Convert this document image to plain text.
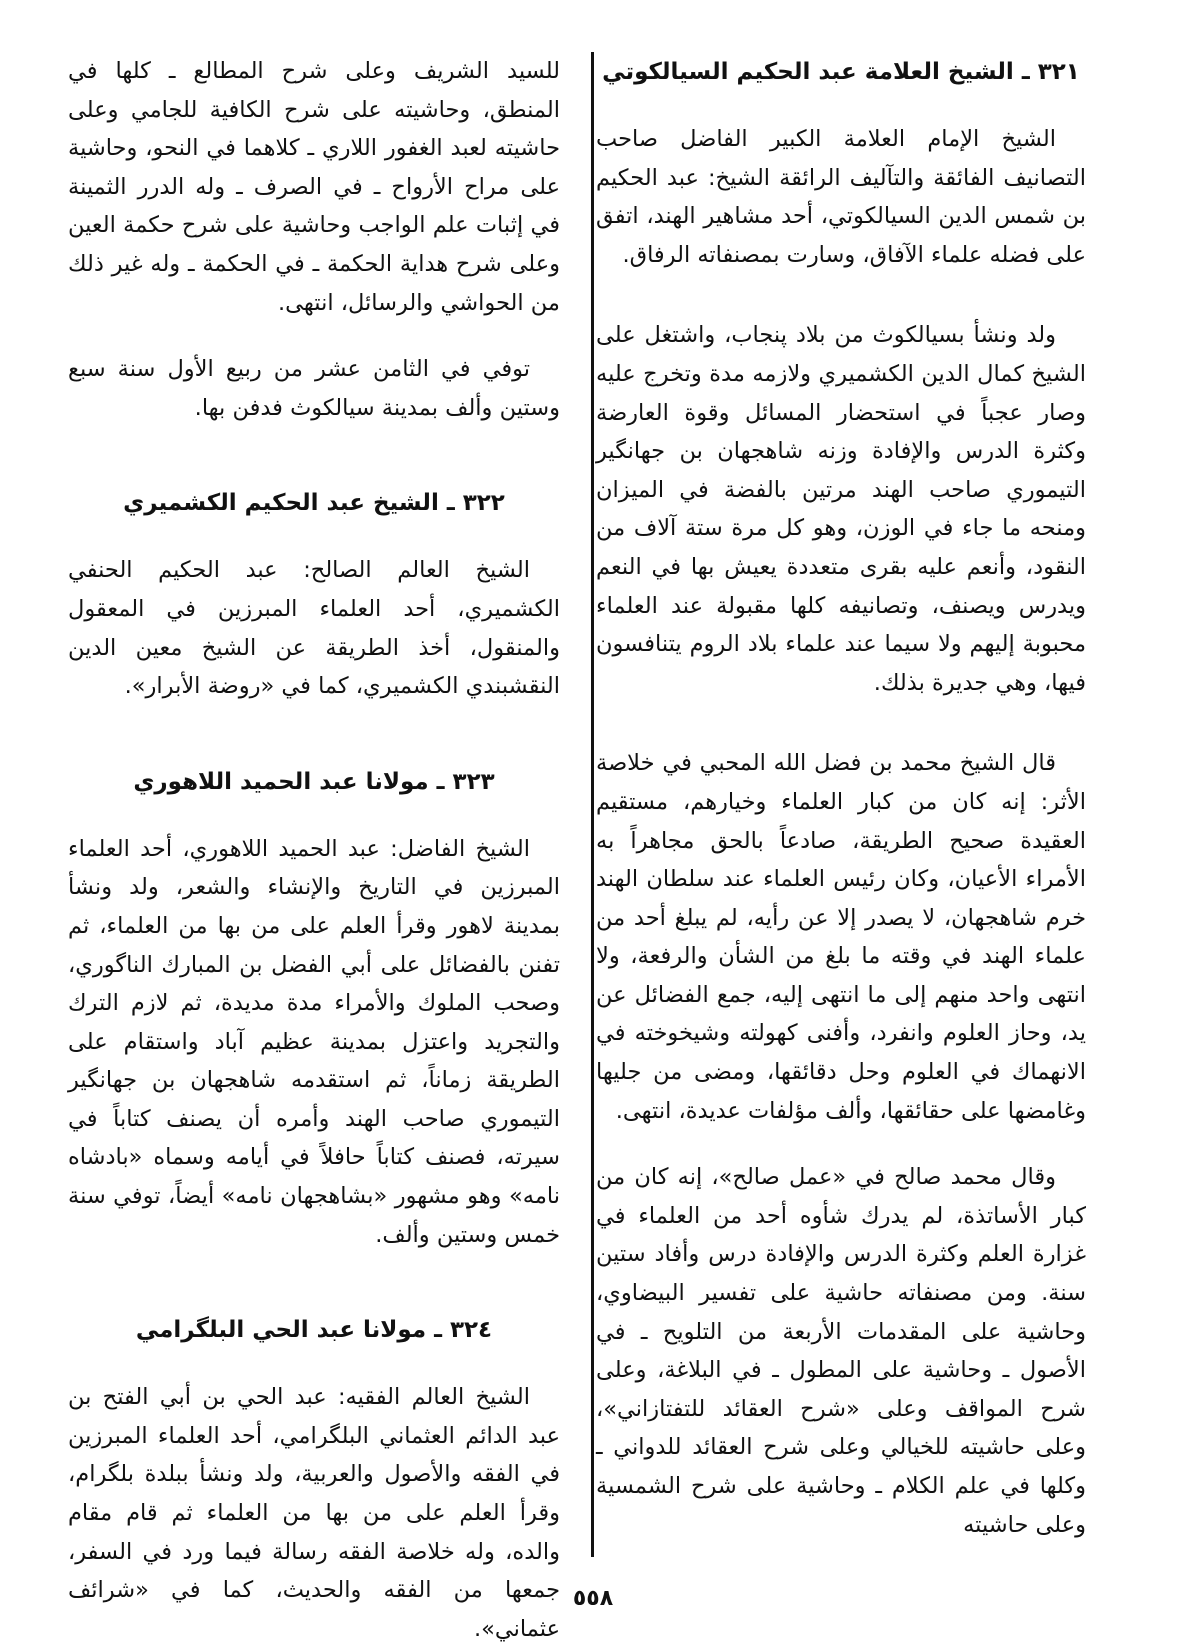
٣٢١ ـ الشيخ العلامة عبد الحكيم السيالكوتي

الشيخ الإمام العلامة الكبير الفاضل صاحب التصانيف الفائقة والتآليف الرائقة الشيخ: عبد الحكيم بن شمس الدين السيالكوتي، أحد مشاهير الهند، اتفق على فضله علماء الآفاق، وسارت بمصنفاته الرفاق.

ولد ونشأ بسيالكوث من بلاد پنجاب، واشتغل على الشيخ كمال الدين الكشميري ولازمه مدة وتخرج عليه وصار عجباً في استحضار المسائل وقوة العارضة وكثرة الدرس والإفادة وزنه شاهجهان بن جهانگير التيموري صاحب الهند مرتين بالفضة في الميزان ومنحه ما جاء في الوزن، وهو كل مرة ستة آلاف من النقود، وأنعم عليه بقرى متعددة يعيش بها في النعم ويدرس ويصنف، وتصانيفه كلها مقبولة عند العلماء محبوبة إليهم ولا سيما عند علماء بلاد الروم يتنافسون فيها، وهي جديرة بذلك.

قال الشيخ محمد بن فضل الله المحبي في خلاصة الأثر: إنه كان من كبار العلماء وخيارهم، مستقيم العقيدة صحيح الطريقة، صادعاً بالحق مجاهراً به الأمراء الأعيان، وكان رئيس العلماء عند سلطان الهند خرم شاهجهان، لا يصدر إلا عن رأيه، لم يبلغ أحد من علماء الهند في وقته ما بلغ من الشأن والرفعة، ولا انتهى واحد منهم إلى ما انتهى إليه، جمع الفضائل عن يد، وحاز العلوم وانفرد، وأفنى كهولته وشيخوخته في الانهماك في العلوم وحل دقائقها، ومضى من جليها وغامضها على حقائقها، وألف مؤلفات عديدة، انتهى.

وقال محمد صالح في «عمل صالح»، إنه كان من كبار الأساتذة، لم يدرك شأوه أحد من العلماء في غزارة العلم وكثرة الدرس والإفادة درس وأفاد ستين سنة. ومن مصنفاته حاشية على تفسير البيضاوي، وحاشية على المقدمات الأربعة من التلويح ـ في الأصول ـ وحاشية على المطول ـ في البلاغة، وعلى شرح المواقف وعلى «شرح العقائد للتفتازاني»، وعلى حاشيته للخيالي وعلى شرح العقائد للدواني ـ وكلها في علم الكلام ـ وحاشية على شرح الشمسية وعلى حاشيته

للسيد الشريف وعلى شرح المطالع ـ كلها في المنطق، وحاشيته على شرح الكافية للجامي وعلى حاشيته لعبد الغفور اللاري ـ كلاهما في النحو، وحاشية على مراح الأرواح ـ في الصرف ـ وله الدرر الثمينة في إثبات علم الواجب وحاشية على شرح حكمة العين وعلى شرح هداية الحكمة ـ في الحكمة ـ وله غير ذلك من الحواشي والرسائل، انتهى.

توفي في الثامن عشر من ربيع الأول سنة سبع وستين وألف بمدينة سيالكوث فدفن بها.

٣٢٢ ـ الشيخ عبد الحكيم الكشميري

الشيخ العالم الصالح: عبد الحكيم الحنفي الكشميري، أحد العلماء المبرزين في المعقول والمنقول، أخذ الطريقة عن الشيخ معين الدين النقشبندي الكشميري، كما في «روضة الأبرار».

٣٢٣ ـ مولانا عبد الحميد اللاهوري

الشيخ الفاضل: عبد الحميد اللاهوري، أحد العلماء المبرزين في التاريخ والإنشاء والشعر، ولد ونشأ بمدينة لاهور وقرأ العلم على من بها من العلماء، ثم تفنن بالفضائل على أبي الفضل بن المبارك الناگوري، وصحب الملوك والأمراء مدة مديدة، ثم لازم الترك والتجريد واعتزل بمدينة عظيم آباد واستقام على الطريقة زماناً، ثم استقدمه شاهجهان بن جهانگير التيموري صاحب الهند وأمره أن يصنف كتاباً في سيرته، فصنف كتاباً حافلاً في أيامه وسماه «بادشاه نامه» وهو مشهور «بشاهجهان نامه» أيضاً، توفي سنة خمس وستين وألف.

٣٢٤ ـ مولانا عبد الحي البلگرامي

الشيخ العالم الفقيه: عبد الحي بن أبي الفتح بن عبد الدائم العثماني البلگرامي، أحد العلماء المبرزين في الفقه والأصول والعربية، ولد ونشأ ببلدة بلگرام، وقرأ العلم على من بها من العلماء ثم قام مقام والده، وله خلاصة الفقه رسالة فيما ورد في السفر، جمعها من الفقه والحديث، كما في «شرائف عثماني».

٥٥٨
